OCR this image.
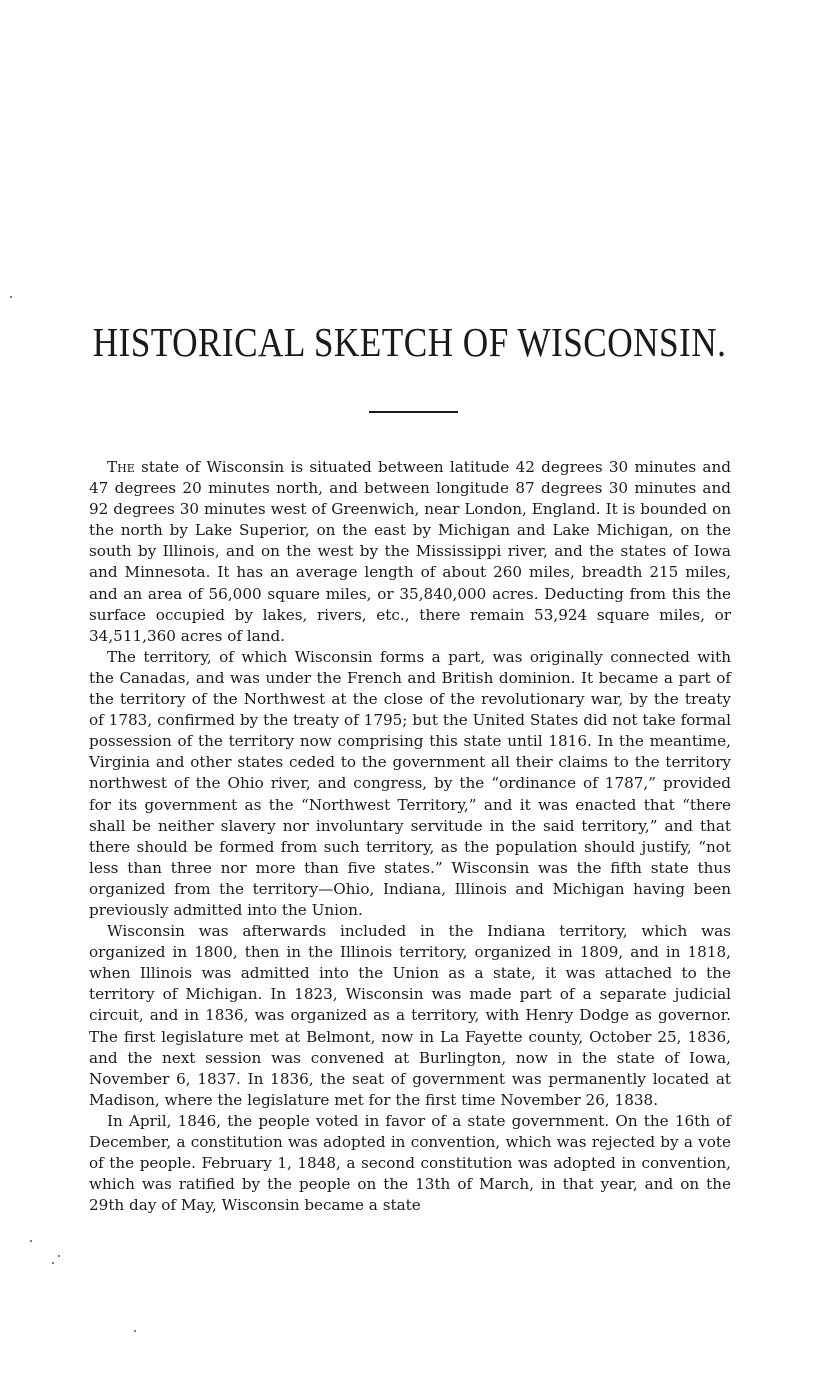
HISTORICAL SKETCH OF WISCONSIN.

The state of Wisconsin is situated between latitude 42 degrees 30 minutes and 47 degrees 20 minutes north, and between longitude 87 degrees 30 minutes and 92 degrees 30 minutes west of Greenwich, near London, England. It is bounded on the north by Lake Superior, on the east by Michigan and Lake Michigan, on the south by Illinois, and on the west by the Mississippi river, and the states of Iowa and Minnesota. It has an average length of about 260 miles, breadth 215 miles, and an area of 56,000 square miles, or 35,840,000 acres. Deducting from this the surface occupied by lakes, rivers, etc., there remain 53,924 square miles, or 34,511,360 acres of land.

The territory, of which Wisconsin forms a part, was originally connected with the Canadas, and was under the French and British dominion. It became a part of the territory of the Northwest at the close of the revolutionary war, by the treaty of 1783, confirmed by the treaty of 1795; but the United States did not take formal possession of the territory now comprising this state until 1816. In the meantime, Virginia and other states ceded to the government all their claims to the territory northwest of the Ohio river, and congress, by the “ordinance of 1787,” provided for its government as the “Northwest Territory,” and it was enacted that “there shall be neither slavery nor involuntary servitude in the said territory,” and that there should be formed from such territory, as the population should justify, “not less than three nor more than five states.” Wisconsin was the fifth state thus organized from the territory—Ohio, Indiana, Illinois and Michigan having been previously admitted into the Union.

Wisconsin was afterwards included in the Indiana territory, which was organized in 1800, then in the Illinois territory, organized in 1809, and in 1818, when Illinois was admitted into the Union as a state, it was attached to the territory of Michigan. In 1823, Wisconsin was made part of a separate judicial circuit, and in 1836, was organized as a territory, with Henry Dodge as governor. The first legislature met at Belmont, now in La Fayette county, October 25, 1836, and the next session was convened at Burlington, now in the state of Iowa, November 6, 1837. In 1836, the seat of government was permanently located at Madison, where the legislature met for the first time November 26, 1838.

In April, 1846, the people voted in favor of a state government. On the 16th of December, a constitution was adopted in convention, which was rejected by a vote of the people. February 1, 1848, a second constitution was adopted in convention, which was ratified by the people on the 13th of March, in that year, and on the 29th day of May, Wisconsin became a state
